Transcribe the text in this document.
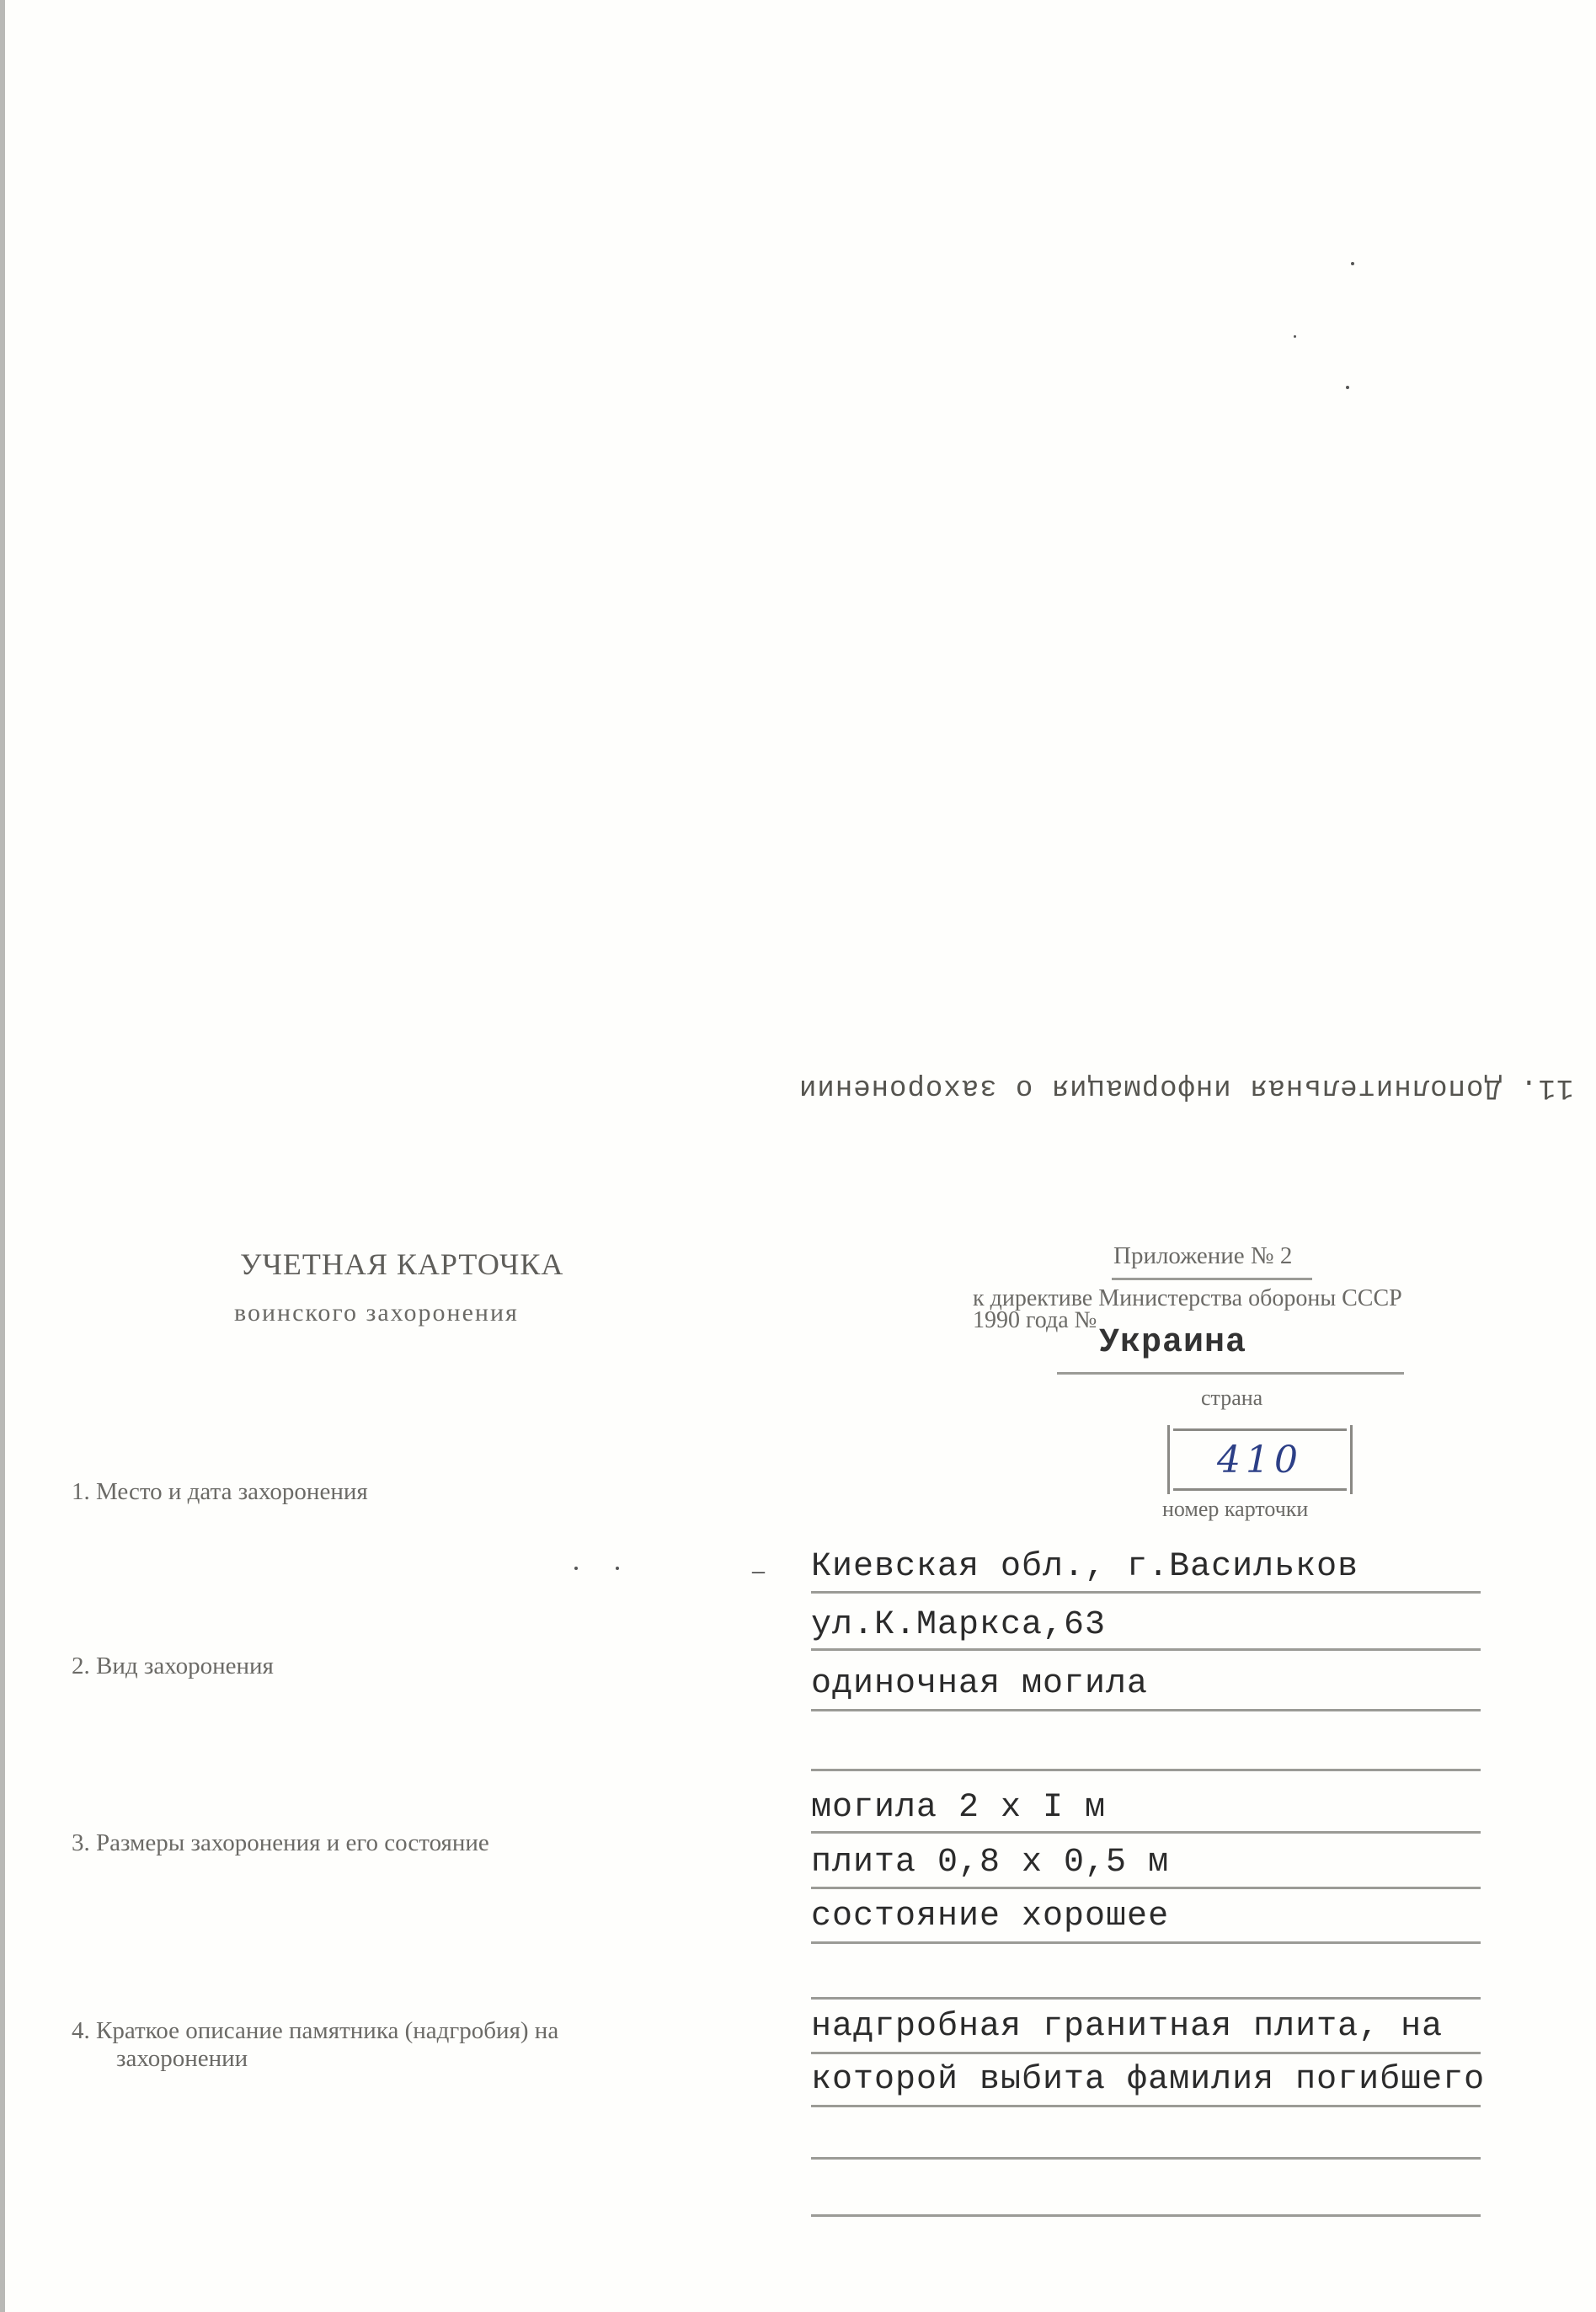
11. Дополнительная информация о захоронении
УЧЕТНАЯ КАРТОЧКА
воинского захоронения
Приложение № 2
к директиве Министерства обороны СССР
1990 года №
Украина
страна
410
номер карточки
1. Место и дата захоронения
2. Вид захоронения
3. Размеры захоронения и его состояние
4. Краткое описание памятника (надгробия) на
захоронении
– Киевская обл., г.Васильков
ул.К.Маркса,63
одиночная могила
могила 2 x I м
плита 0,8 x 0,5 м
состояние хорошее
надгробная гранитная плита, на
которой выбита фамилия погибшего
